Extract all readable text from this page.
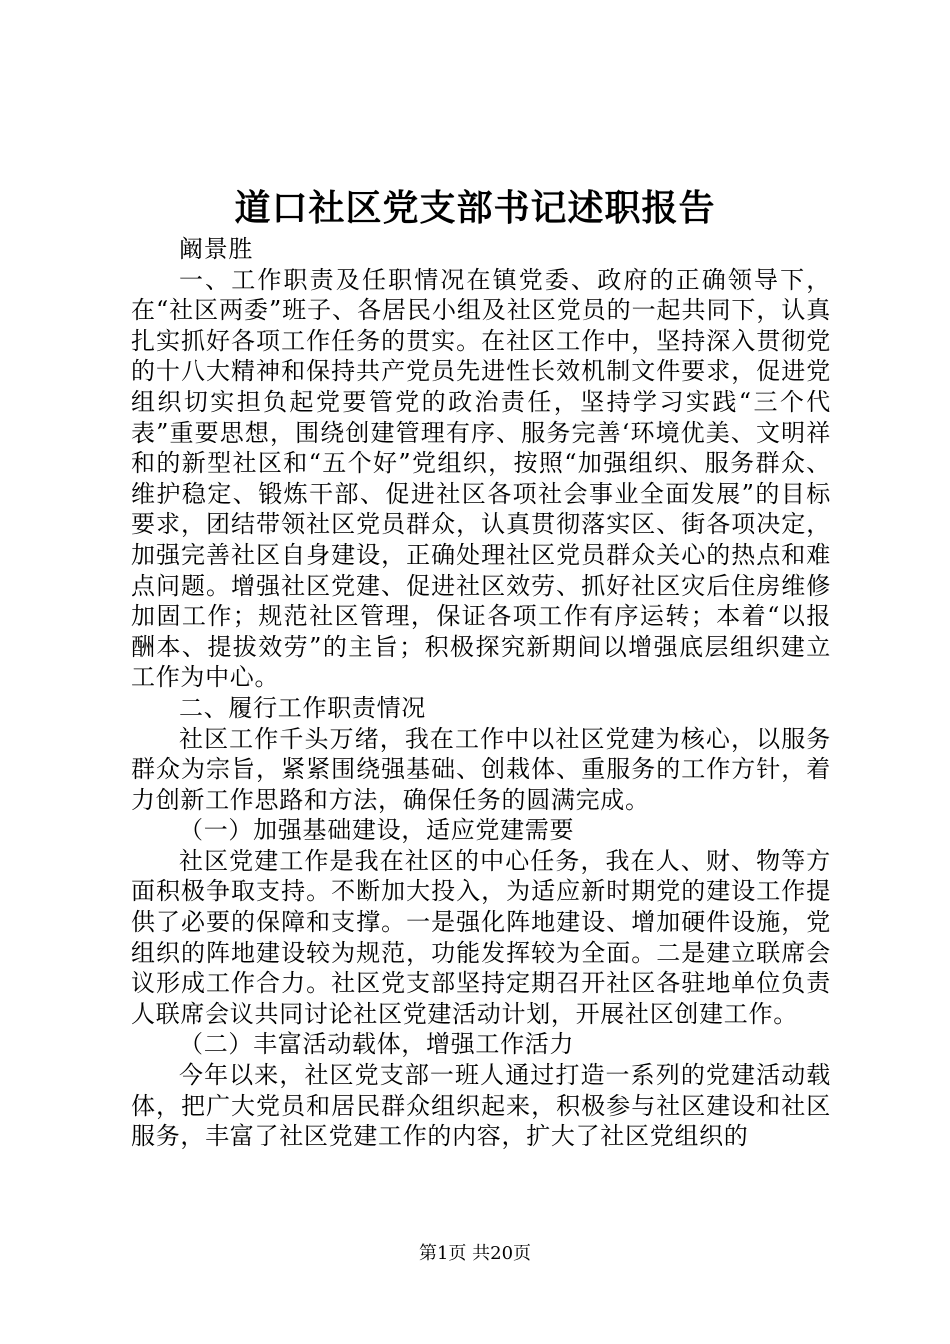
道口社区党支部书记述职报告

阚景胜

一、工作职责及任职情况在镇党委、政府的正确领导下，在“社区两委”班子、各居民小组及社区党员的一起共同下，认真扎实抓好各项工作任务的贯实。在社区工作中，坚持深入贯彻党的十八大精神和保持共产党员先进性长效机制文件要求，促进党组织切实担负起党要管党的政治责任，坚持学习实践“三个代表”重要思想，围绕创建管理有序、服务完善‘环境优美、文明祥和的新型社区和“五个好”党组织，按照“加强组织、服务群众、维护稳定、锻炼干部、促进社区各项社会事业全面发展”的目标要求，团结带领社区党员群众，认真贯彻落实区、街各项决定，加强完善社区自身建设，正确处理社区党员群众关心的热点和难点问题。增强社区党建、促进社区效劳、抓好社区灾后住房维修加固工作；规范社区管理，保证各项工作有序运转；本着“以报酬本、提拔效劳”的主旨；积极探究新期间以增强底层组织建立工作为中心。

二、履行工作职责情况

社区工作千头万绪，我在工作中以社区党建为核心，以服务群众为宗旨，紧紧围绕强基础、创栽体、重服务的工作方针，着力创新工作思路和方法，确保任务的圆满完成。

（一）加强基础建设，适应党建需要

社区党建工作是我在社区的中心任务，我在人、财、物等方面积极争取支持。不断加大投入，为适应新时期党的建设工作提供了必要的保障和支撑。一是强化阵地建设、增加硬件设施，党组织的阵地建设较为规范，功能发挥较为全面。二是建立联席会议形成工作合力。社区党支部坚持定期召开社区各驻地单位负责人联席会议共同讨论社区党建活动计划，开展社区创建工作。

（二）丰富活动载体，增强工作活力

今年以来，社区党支部一班人通过打造一系列的党建活动载体，把广大党员和居民群众组织起来，积极参与社区建设和社区服务，丰富了社区党建工作的内容，扩大了社区党组织的

第1页 共20页
